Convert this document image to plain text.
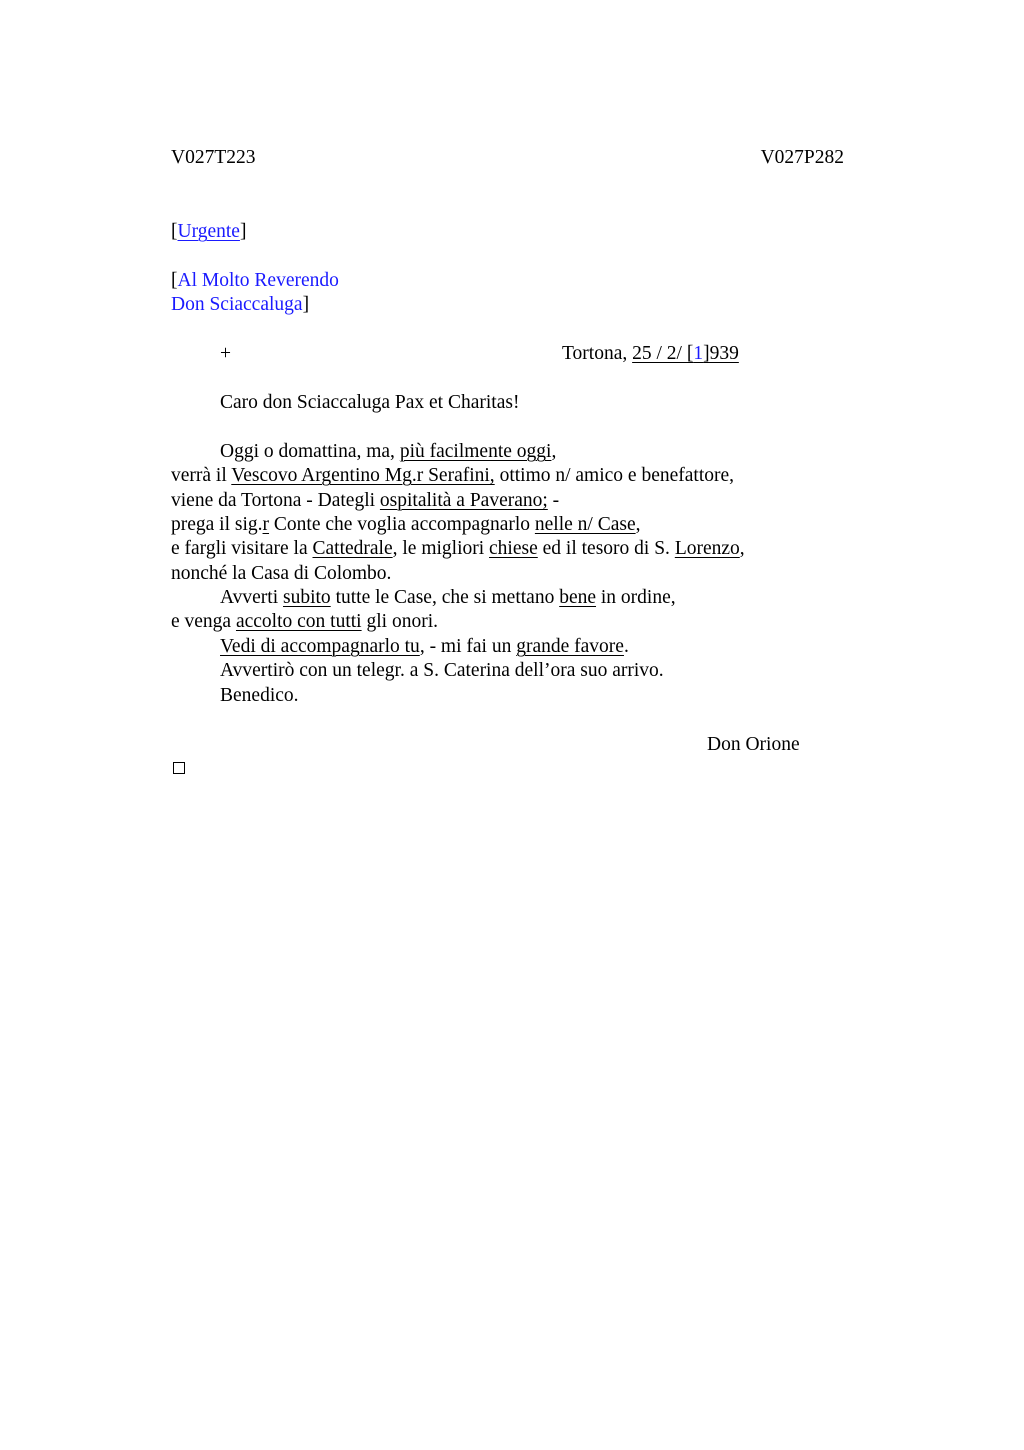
V027T223	V027P282
[Urgente]
[Al Molto Reverendo
Don Sciaccaluga]
+	Tortona, 25 / 2/ [1]939
Caro don Sciaccaluga Pax et Charitas!
Oggi o domattina, ma, più facilmente oggi,
verrà il Vescovo Argentino Mg.r Serafini, ottimo n/ amico e benefattore,
viene da Tortona - Dategli ospitalità a Paverano; -
prega il sig.r Conte che voglia accompagnarlo nelle n/ Case,
e fargli visitare la Cattedrale, le migliori chiese ed il tesoro di S. Lorenzo,
nonché la Casa di Colombo.
Avverti subito tutte le Case, che si mettano bene in ordine,
e venga accolto con tutti gli onori.
Vedi di accompagnarlo tu, - mi fai un grande favore.
Avvertirò con un telegr. a S. Caterina dell’ora suo arrivo.
Benedico.
Don Orione
